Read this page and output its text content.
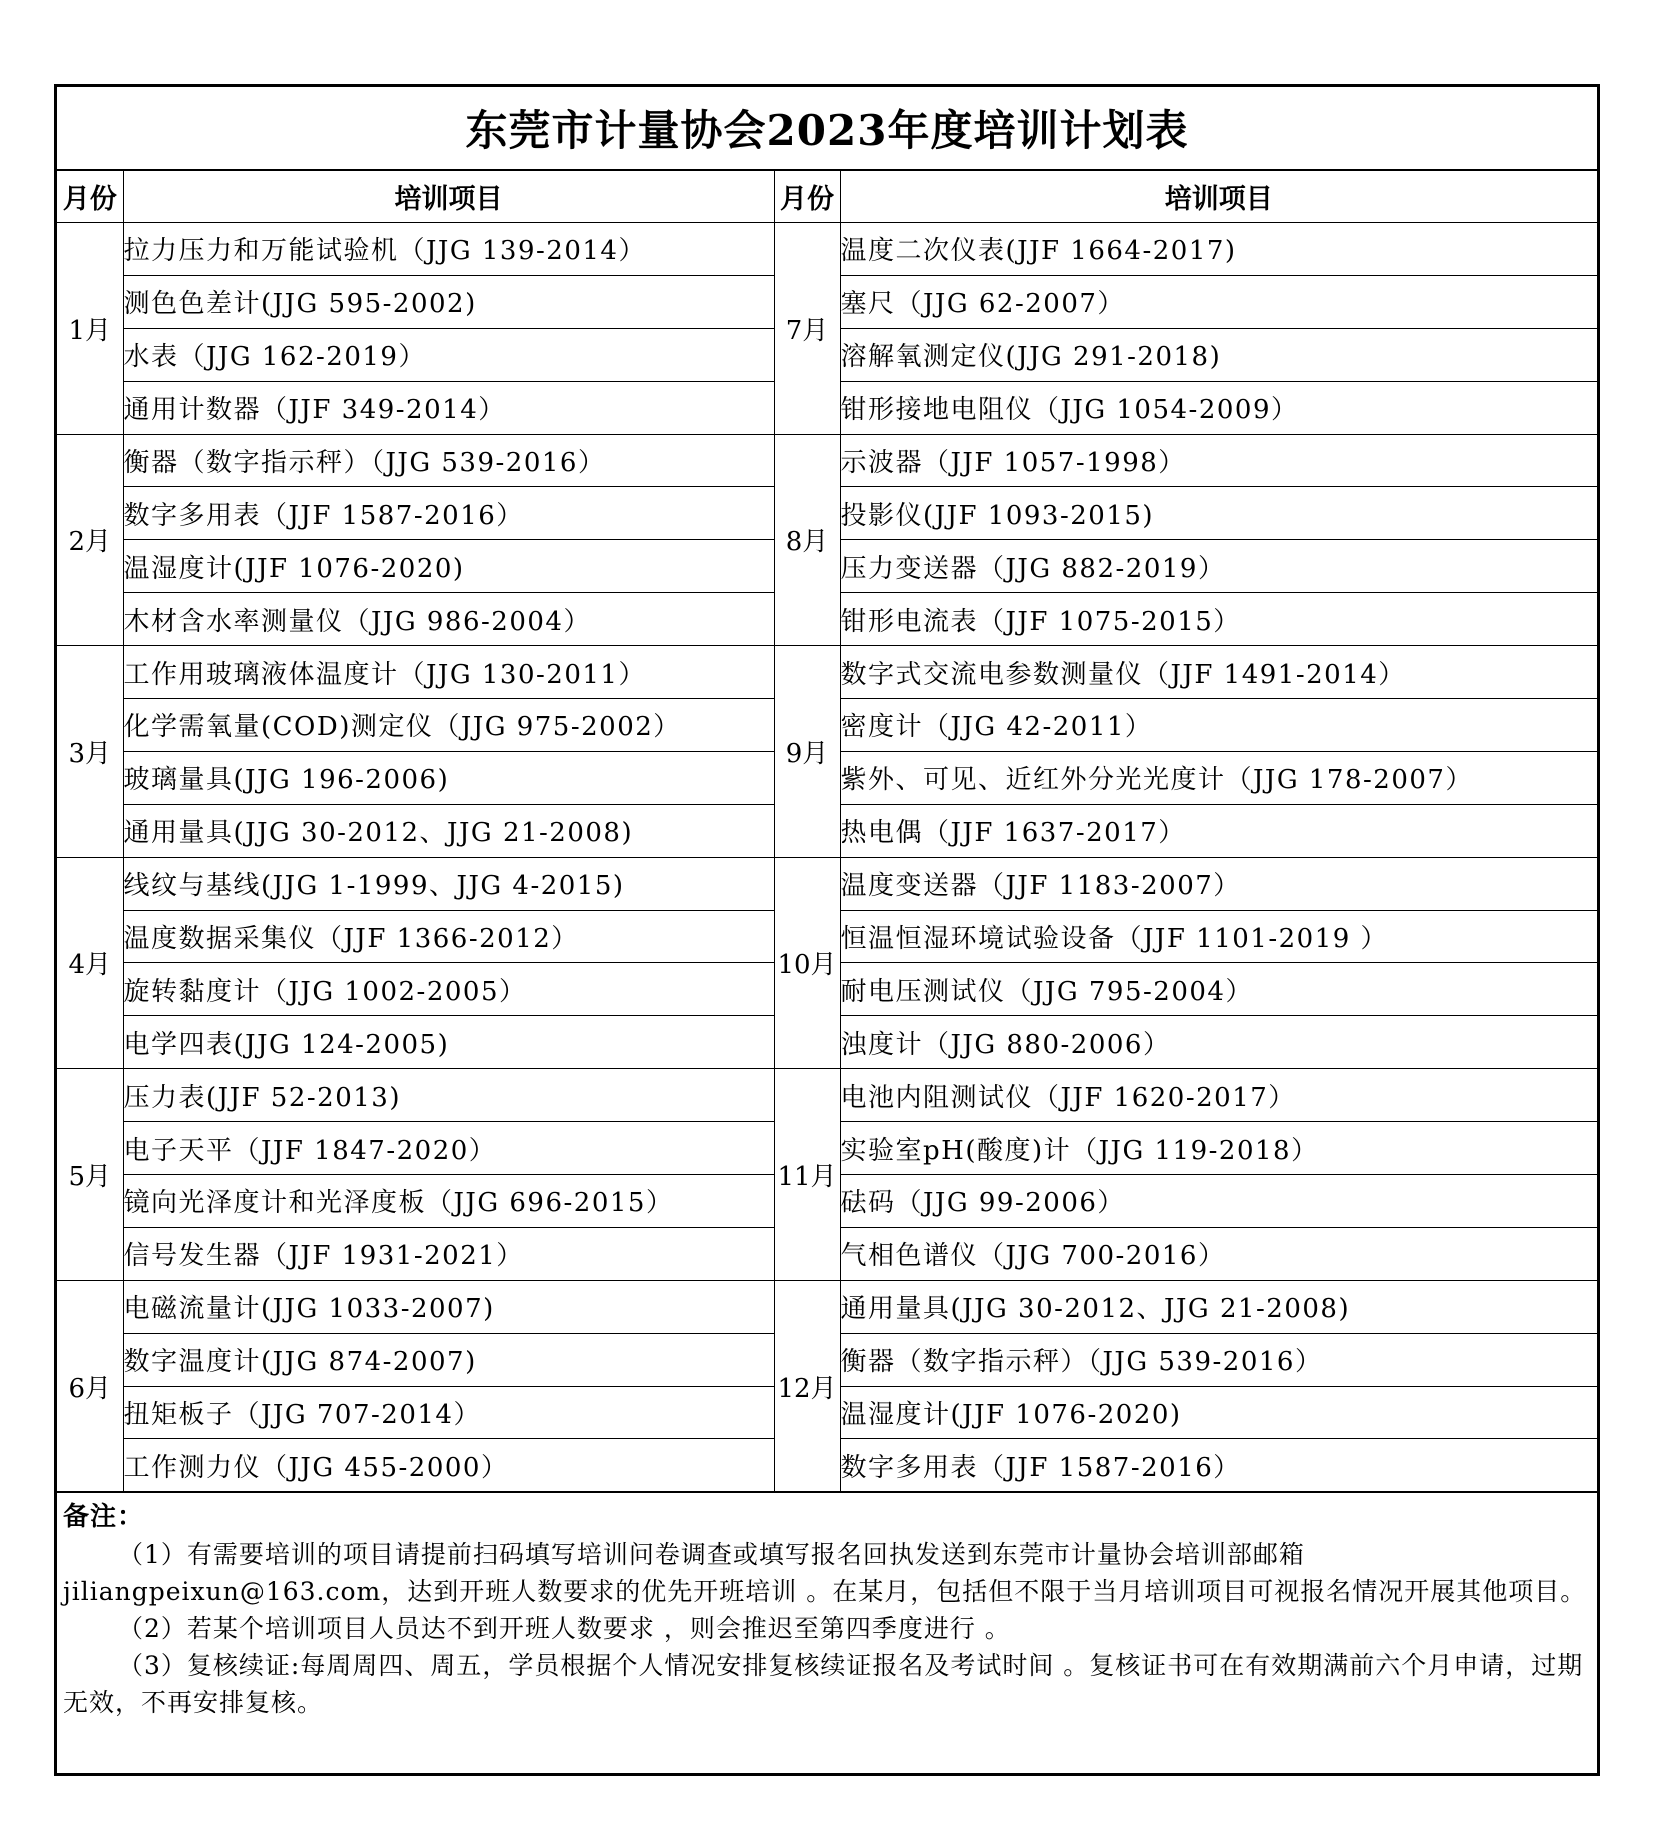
东莞市计量协会2023年度培训计划表
月份	培训项目	月份	培训项目
1月	拉力压力和万能试验机（JJG 139-2014）	7月	温度二次仪表(JJF 1664-2017)
	测色色差计(JJG 595-2002)		塞尺（JJG 62-2007）
	水表（JJG 162-2019）		溶解氧测定仪(JJG 291-2018)
	通用计数器（JJF 349-2014）		钳形接地电阻仪（JJG 1054-2009）
2月	衡器（数字指示秤）（JJG 539-2016）	8月	示波器（JJF 1057-1998）
	数字多用表（JJF 1587-2016）		投影仪(JJF 1093-2015)
	温湿度计(JJF 1076-2020)		压力变送器（JJG 882-2019）
	木材含水率测量仪（JJG 986-2004）		钳形电流表（JJF 1075-2015）
3月	工作用玻璃液体温度计（JJG 130-2011）	9月	数字式交流电参数测量仪（JJF 1491-2014）
	化学需氧量(COD)测定仪（JJG 975-2002）		密度计（JJG 42-2011）
	玻璃量具(JJG 196-2006)		紫外、可见、近红外分光光度计（JJG 178-2007）
	通用量具(JJG 30-2012、JJG 21-2008)		热电偶（JJF 1637-2017）
4月	线纹与基线(JJG 1-1999、JJG 4-2015)	10月	温度变送器（JJF 1183-2007）
	温度数据采集仪（JJF 1366-2012）		恒温恒湿环境试验设备（JJF 1101-2019 ）
	旋转黏度计（JJG 1002-2005）		耐电压测试仪（JJG 795-2004）
	电学四表(JJG 124-2005)		浊度计（JJG 880-2006）
5月	压力表(JJF 52-2013)	11月	电池内阻测试仪（JJF 1620-2017）
	电子天平（JJF 1847-2020）		实验室pH(酸度)计（JJG 119-2018）
	镜向光泽度计和光泽度板（JJG 696-2015）		砝码（JJG 99-2006）
	信号发生器（JJF 1931-2021）		气相色谱仪（JJG 700-2016）
6月	电磁流量计(JJG 1033-2007)	12月	通用量具(JJG 30-2012、JJG 21-2008)
	数字温度计(JJG 874-2007)		衡器（数字指示秤）（JJG 539-2016）
	扭矩板子（JJG 707-2014）		温湿度计(JJF 1076-2020)
	工作测力仪（JJG 455-2000）		数字多用表（JJF 1587-2016）
备注：

（1）有需要培训的项目请提前扫码填写培训问卷调查或填写报名回执发送到东莞市计量协会培训部邮箱jiliangpeixun@163.com，达到开班人数要求的优先开班培训 。在某月，包括但不限于当月培训项目可视报名情况开展其他项目。

（2）若某个培训项目人员达不到开班人数要求 ，则会推迟至第四季度进行 。

（3）复核续证:每周周四、周五，学员根据个人情况安排复核续证报名及考试时间 。复核证书可在有效期满前六个月申请，过期无效，不再安排复核。
